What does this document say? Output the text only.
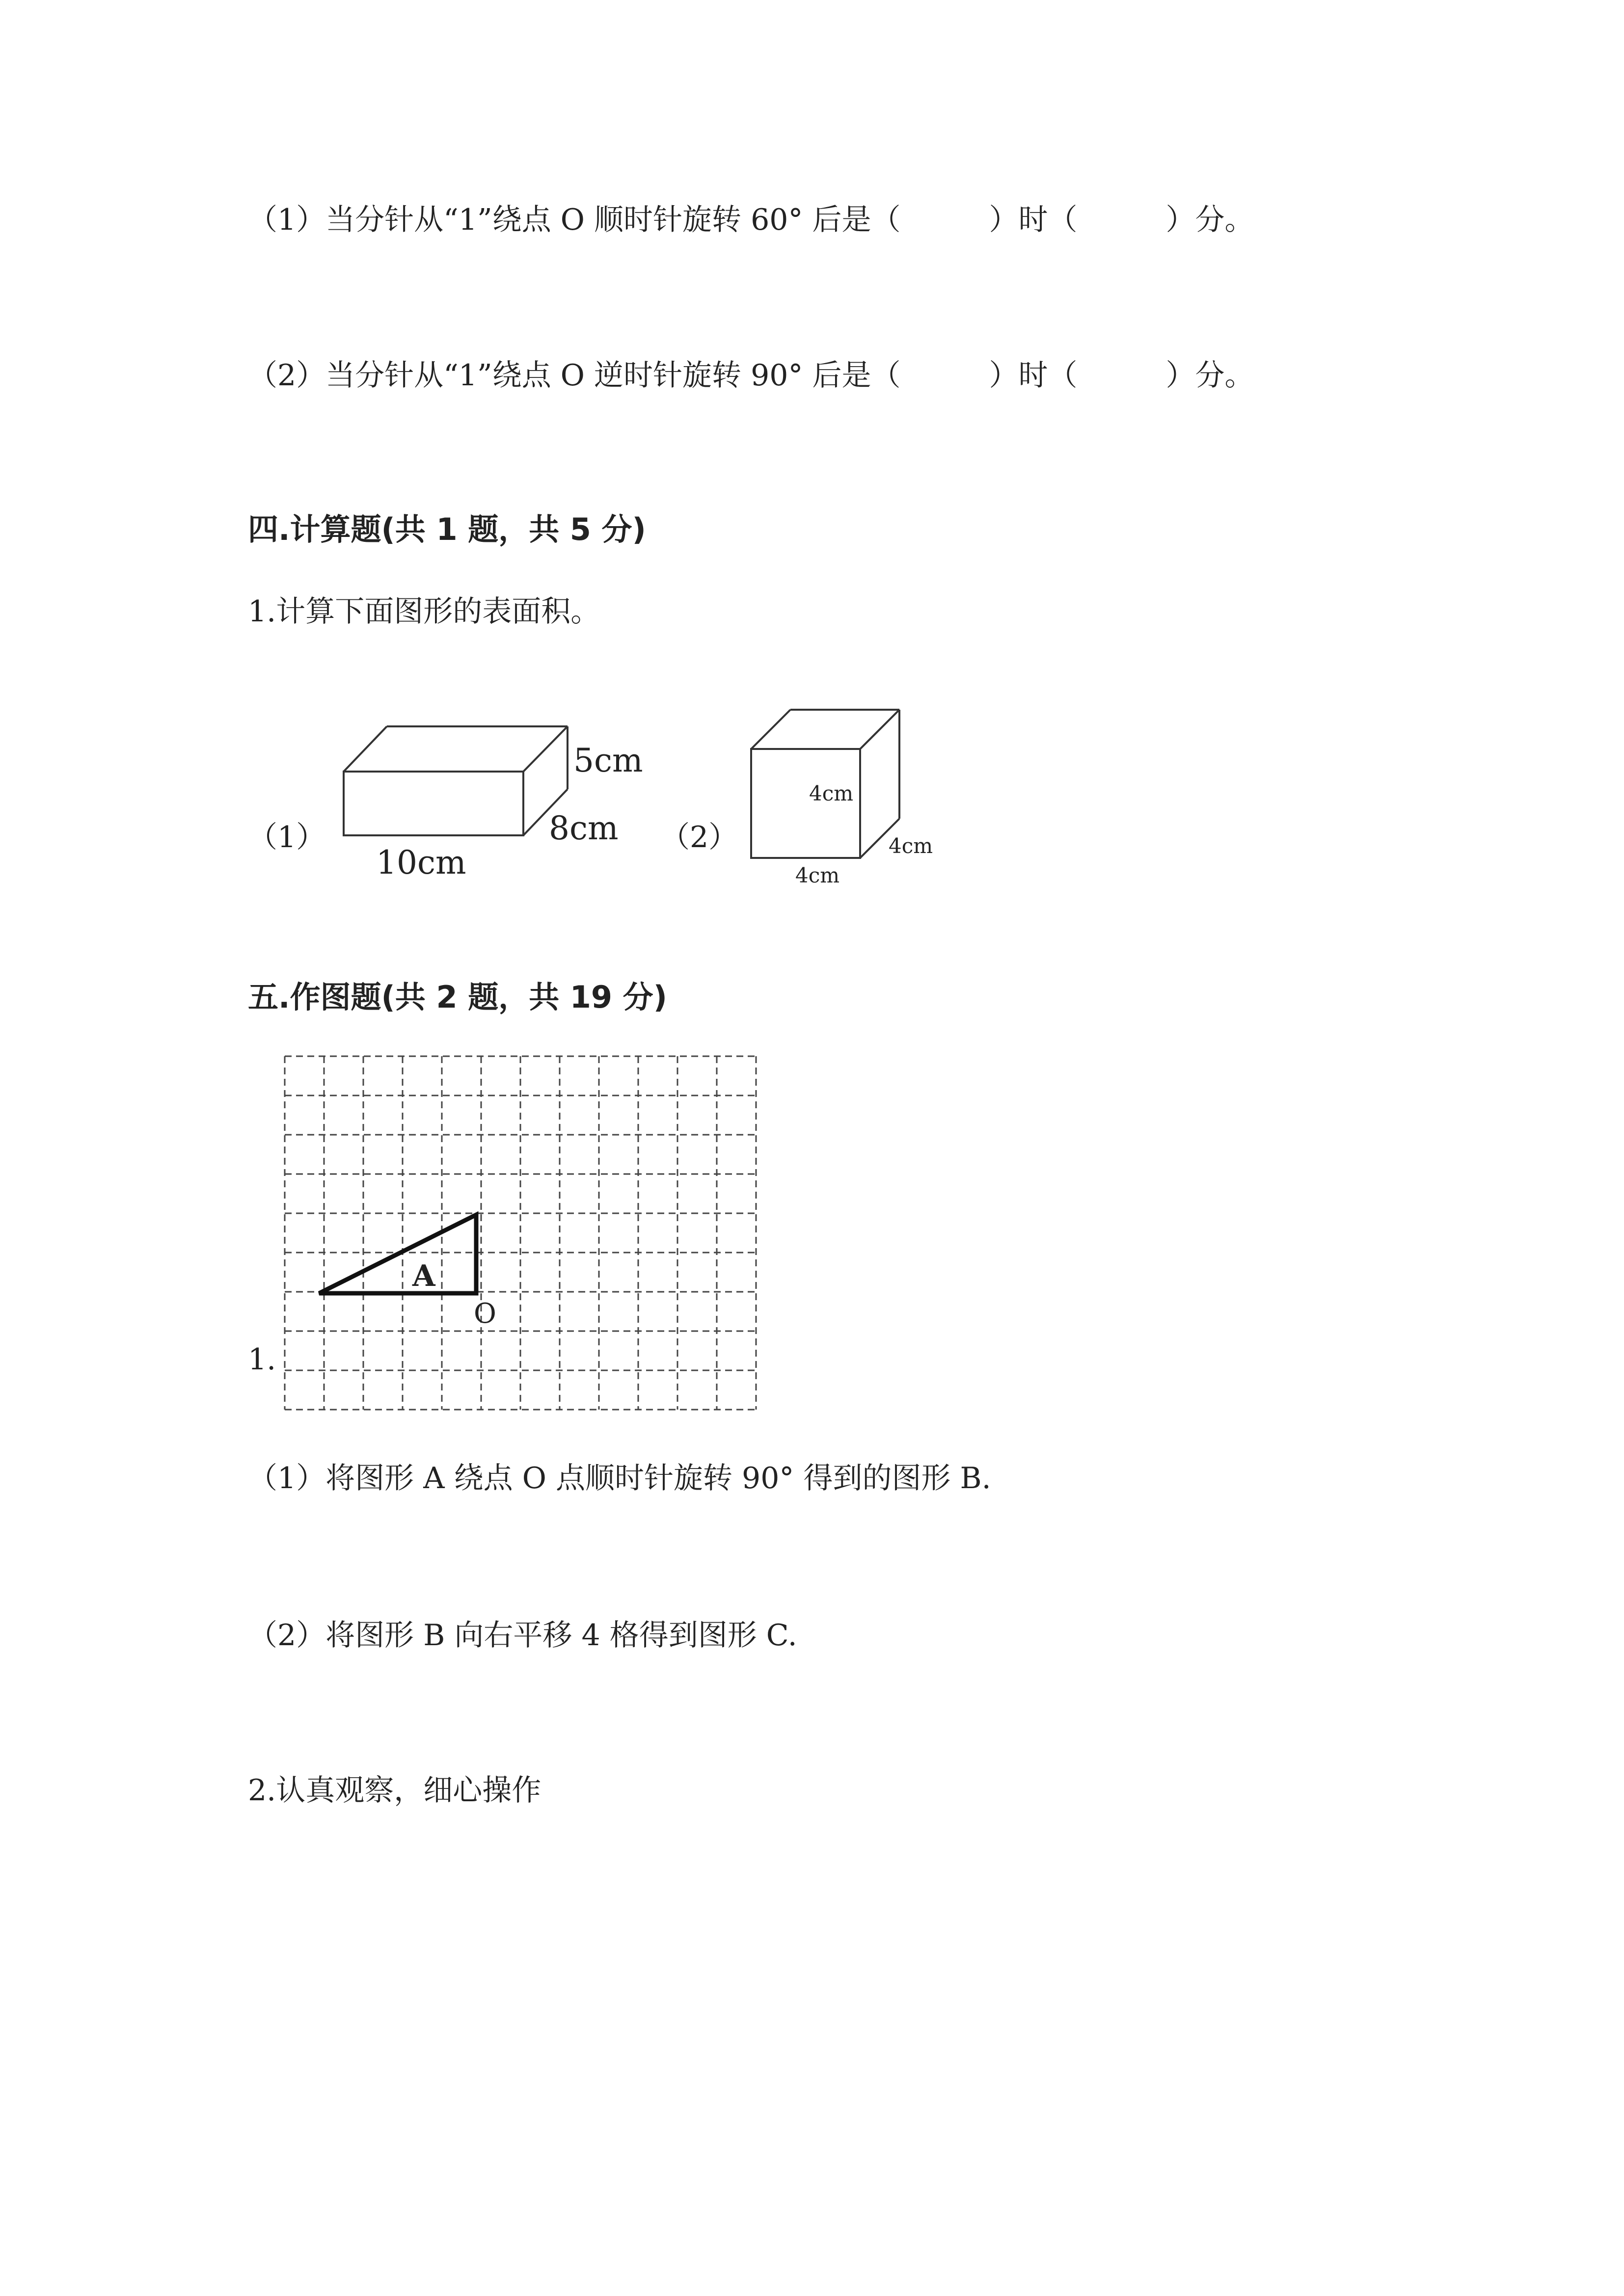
（1）当分针从“1”绕点 O 顺时针旋转 60° 后是（　　　）时（　　　）分。
（2）当分针从“1”绕点 O 逆时针旋转 90° 后是（　　　）时（　　　）分。
四.计算题(共 1 题，共 5 分)
1.计算下面图形的表面积。
（1）
5cm
8cm
10cm
（2）
4cm
4cm
4cm
五.作图题(共 2 题，共 19 分)
1.
A
O
（1）将图形 A 绕点 O 点顺时针旋转 90° 得到的图形 B.
（2）将图形 B 向右平移 4 格得到图形 C.
2.认真观察，细心操作
